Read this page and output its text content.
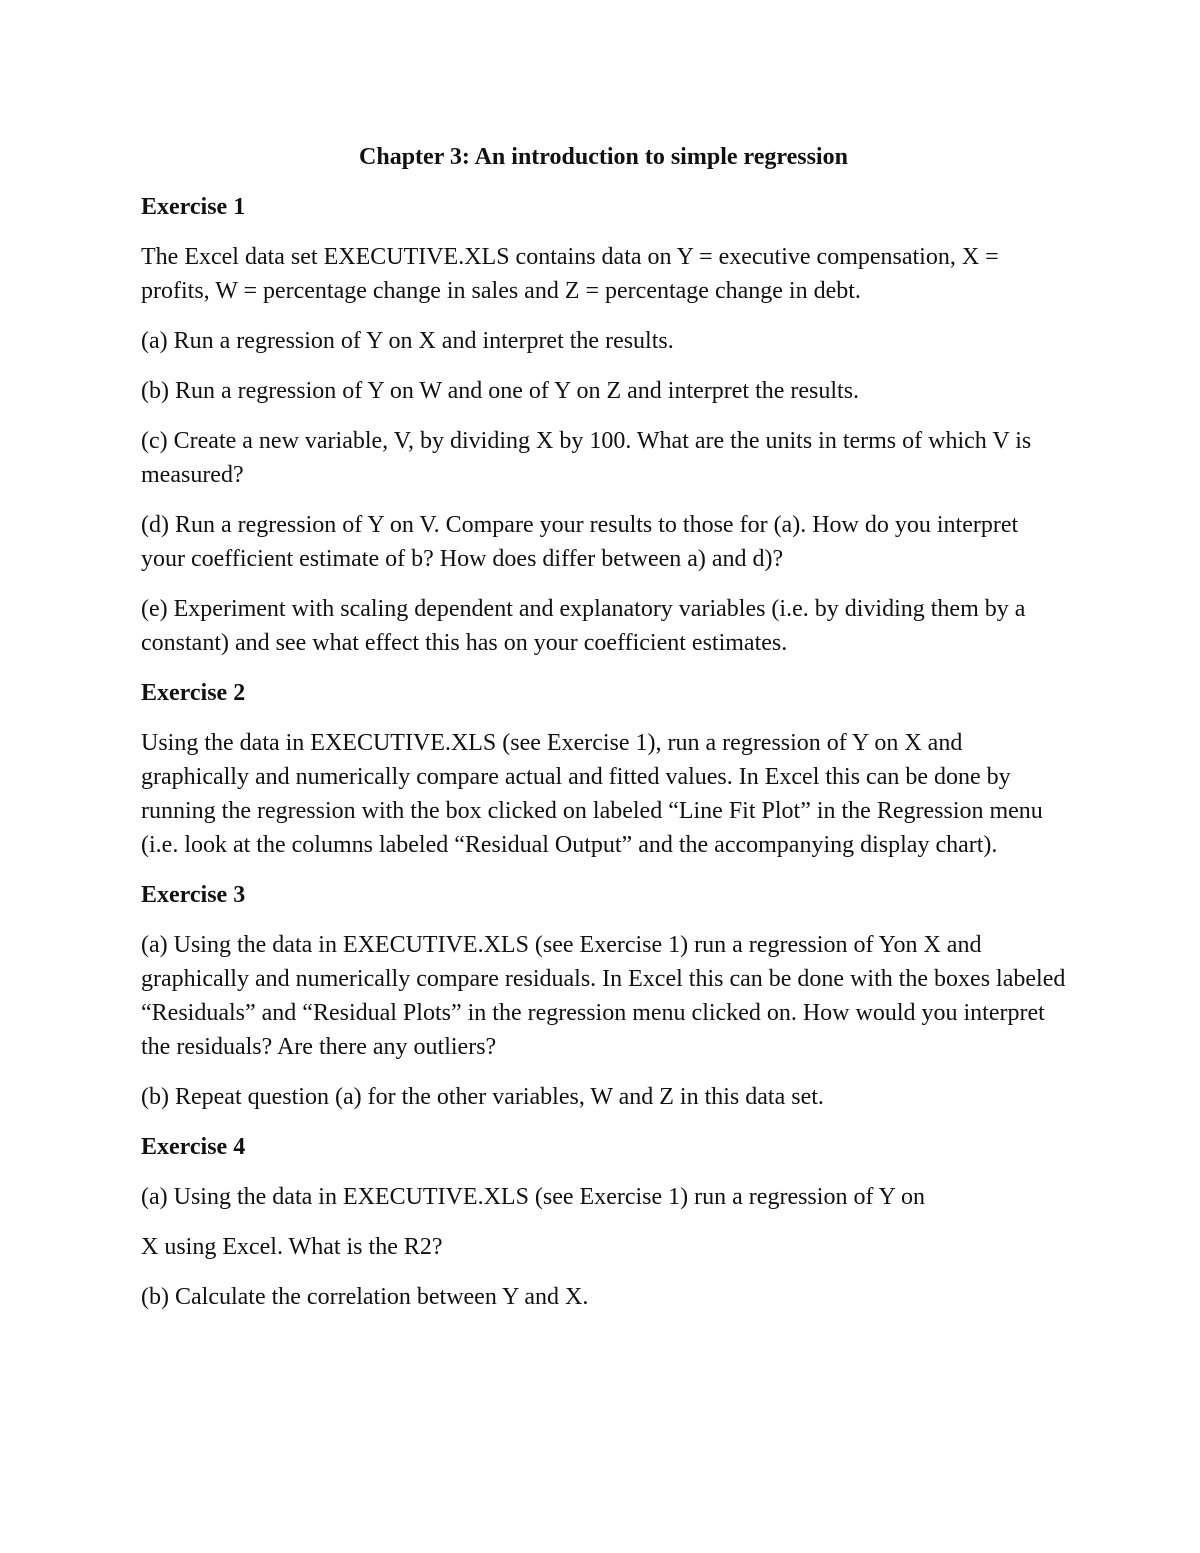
Chapter 3: An introduction to simple regression

Exercise 1

The Excel data set EXECUTIVE.XLS contains data on Y = executive compensation, X = profits, W = percentage change in sales and Z = percentage change in debt.

(a) Run a regression of Y on X and interpret the results.

(b) Run a regression of Y on W and one of Y on Z and interpret the results.

(c) Create a new variable, V, by dividing X by 100. What are the units in terms of which V is measured?

(d) Run a regression of Y on V. Compare your results to those for (a). How do you interpret your coefficient estimate of b? How does differ between a) and d)?

(e) Experiment with scaling dependent and explanatory variables (i.e. by dividing them by a constant) and see what effect this has on your coefficient estimates.

Exercise 2

Using the data in EXECUTIVE.XLS (see Exercise 1), run a regression of Y on X and graphically and numerically compare actual and fitted values. In Excel this can be done by running the regression with the box clicked on labeled “Line Fit Plot” in the Regression menu (i.e. look at the columns labeled “Residual Output” and the accompanying display chart).

Exercise 3

(a) Using the data in EXECUTIVE.XLS (see Exercise 1) run a regression of Yon X and graphically and numerically compare residuals. In Excel this can be done with the boxes labeled “Residuals” and “Residual Plots” in the regression menu clicked on. How would you interpret the residuals? Are there any outliers?

(b) Repeat question (a) for the other variables, W and Z in this data set.

Exercise 4

(a) Using the data in EXECUTIVE.XLS (see Exercise 1) run a regression of Y on

X using Excel. What is the R2?

(b) Calculate the correlation between Y and X.
